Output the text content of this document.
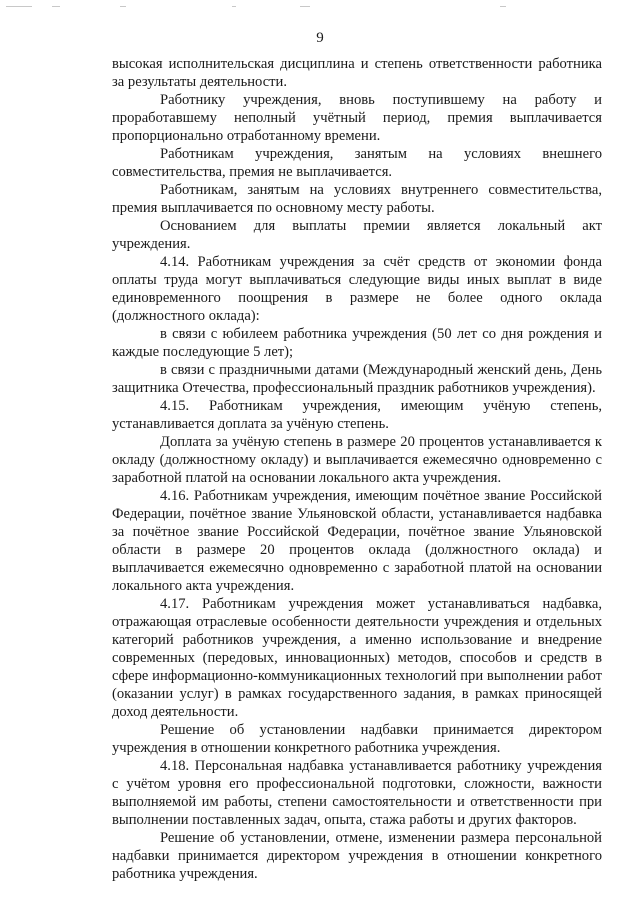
9

высокая исполнительская дисциплина и степень ответственности работника за результаты деятельности.

Работнику учреждения, вновь поступившему на работу и проработавшему неполный учётный период, премия выплачивается пропорционально отработанному времени.

Работникам учреждения, занятым на условиях внешнего совместительства, премия не выплачивается.

Работникам, занятым на условиях внутреннего совместительства, премия выплачивается по основному месту работы.

Основанием для выплаты премии является локальный акт учреждения.

4.14. Работникам учреждения за счёт средств от экономии фонда оплаты труда могут выплачиваться следующие виды иных выплат в виде единовременного поощрения в размере не более одного оклада (должностного оклада):

в связи с юбилеем работника учреждения (50 лет со дня рождения и каждые последующие 5 лет);

в связи с праздничными датами (Международный женский день, День защитника Отечества, профессиональный праздник работников учреждения).

4.15. Работникам учреждения, имеющим учёную степень, устанавливается доплата за учёную степень.

Доплата за учёную степень в размере 20 процентов устанавливается к окладу (должностному окладу) и выплачивается ежемесячно одновременно с заработной платой на основании локального акта учреждения.

4.16. Работникам учреждения, имеющим почётное звание Российской Федерации, почётное звание Ульяновской области, устанавливается надбавка за почётное звание Российской Федерации, почётное звание Ульяновской области в размере 20 процентов оклада (должностного оклада) и выплачивается ежемесячно одновременно с заработной платой на основании локального акта учреждения.

4.17. Работникам учреждения может устанавливаться надбавка, отражающая отраслевые особенности деятельности учреждения и отдельных категорий работников учреждения, а именно использование и внедрение современных (передовых, инновационных) методов, способов и средств в сфере информационно-коммуникационных технологий при выполнении работ (оказании услуг) в рамках государственного задания, в рамках приносящей доход деятельности.

Решение об установлении надбавки принимается директором учреждения в отношении конкретного работника учреждения.

4.18. Персональная надбавка устанавливается работнику учреждения с учётом уровня его профессиональной подготовки, сложности, важности выполняемой им работы, степени самостоятельности и ответственности при выполнении поставленных задач, опыта, стажа работы и других факторов.

Решение об установлении, отмене, изменении размера персональной надбавки принимается директором учреждения в отношении конкретного работника учреждения.
